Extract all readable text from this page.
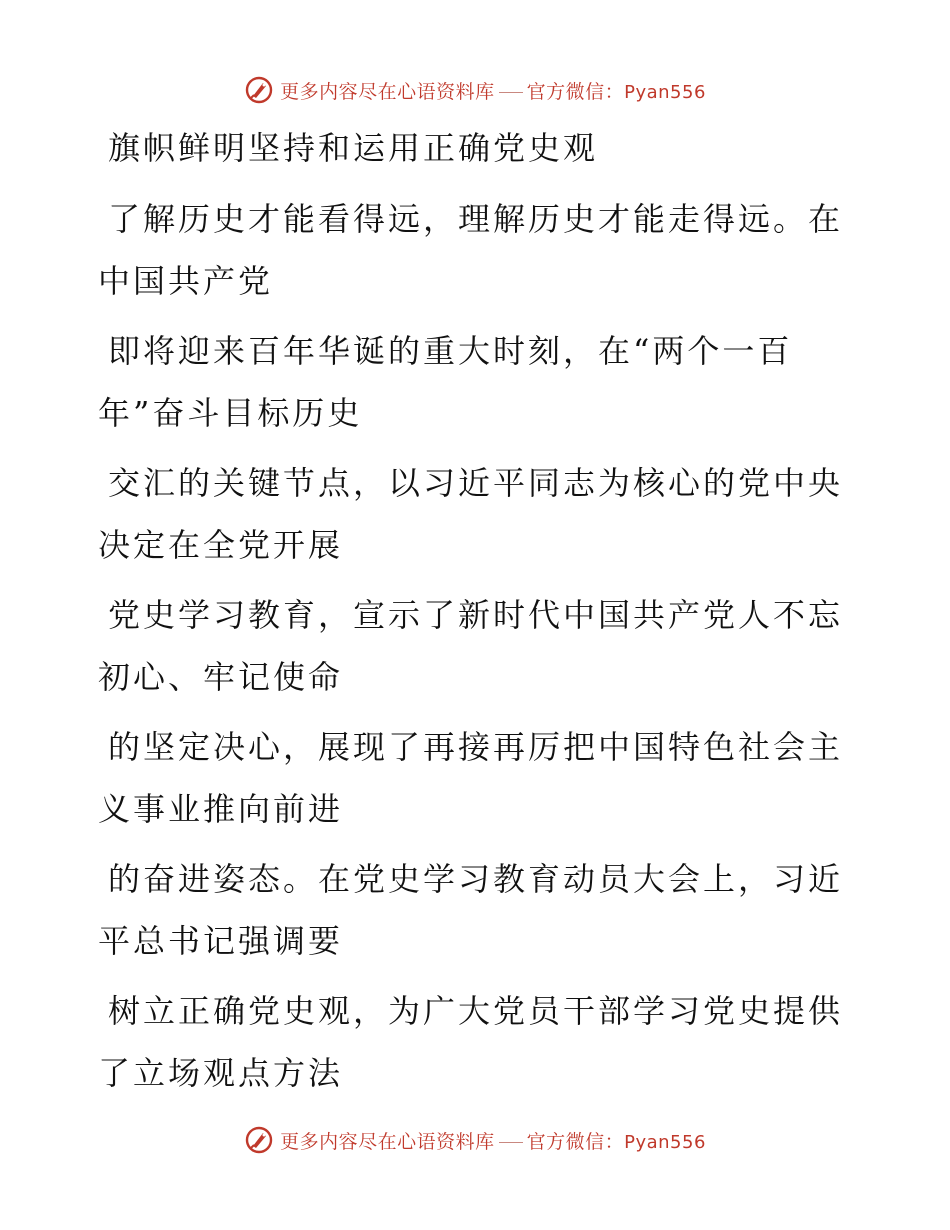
更多内容尽在心语资料库 官方微信：Pyan556
旗帜鲜明坚持和运用正确党史观

了解历史才能看得远，理解历史才能走得远。在
中国共产党

即将迎来百年华诞的重大时刻，在“两个一百
年”奋斗目标历史

交汇的关键节点，以习近平同志为核心的党中央
决定在全党开展

党史学习教育，宣示了新时代中国共产党人不忘
初心、牢记使命

的坚定决心，展现了再接再厉把中国特色社会主
义事业推向前进

的奋进姿态。在党史学习教育动员大会上，习近
平总书记强调要

树立正确党史观，为广大党员干部学习党史提供
了立场观点方法

更多内容尽在心语资料库 官方微信：Pyan556
